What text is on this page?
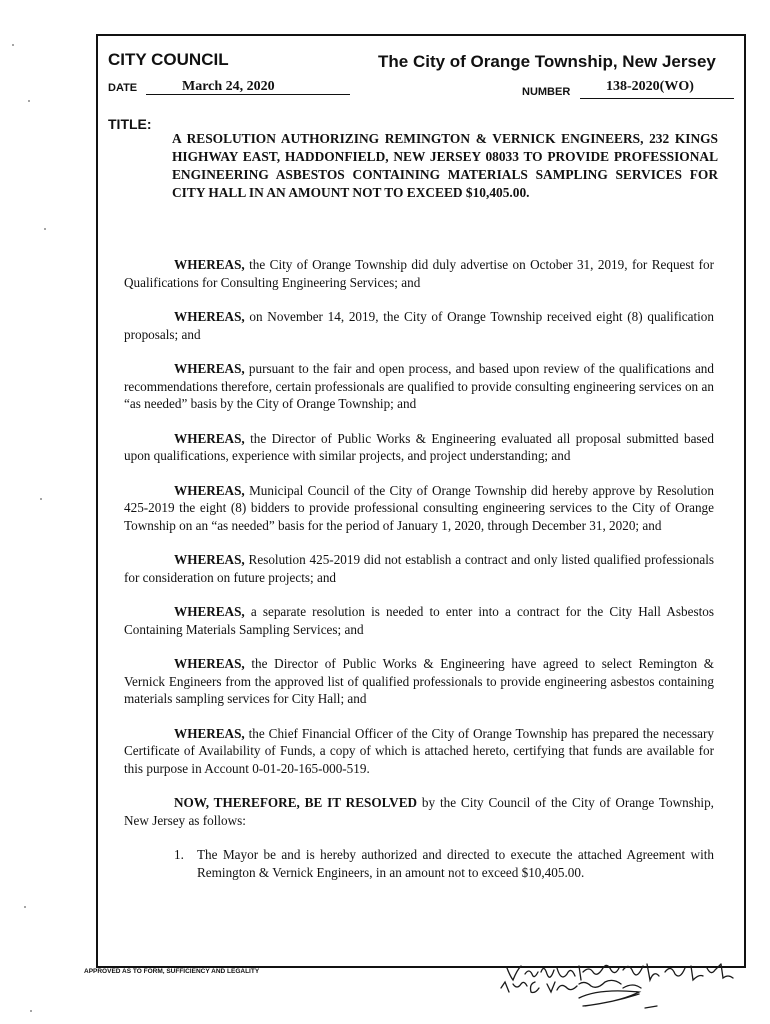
CITY COUNCIL	The City of Orange Township, New Jersey
DATE	March 24, 2020	NUMBER	138-2020(WO)
TITLE:
A RESOLUTION AUTHORIZING REMINGTON & VERNICK ENGINEERS, 232 KINGS HIGHWAY EAST, HADDONFIELD, NEW JERSEY 08033 TO PROVIDE PROFESSIONAL ENGINEERING ASBESTOS CONTAINING MATERIALS SAMPLING SERVICES FOR CITY HALL IN AN AMOUNT NOT TO EXCEED $10,405.00.

WHEREAS, the City of Orange Township did duly advertise on October 31, 2019, for Request for Qualifications for Consulting Engineering Services; and

WHEREAS, on November 14, 2019, the City of Orange Township received eight (8) qualification proposals; and

WHEREAS, pursuant to the fair and open process, and based upon review of the qualifications and recommendations therefore, certain professionals are qualified to provide consulting engineering services on an “as needed” basis by the City of Orange Township; and

WHEREAS, the Director of Public Works & Engineering evaluated all proposal submitted based upon qualifications, experience with similar projects, and project understanding; and

WHEREAS, Municipal Council of the City of Orange Township did hereby approve by Resolution 425-2019 the eight (8) bidders to provide professional consulting engineering services to the City of Orange Township on an “as needed” basis for the period of January 1, 2020, through December 31, 2020; and

WHEREAS, Resolution 425-2019 did not establish a contract and only listed qualified professionals for consideration on future projects; and

WHEREAS, a separate resolution is needed to enter into a contract for the City Hall Asbestos Containing Materials Sampling Services; and

WHEREAS, the Director of Public Works & Engineering have agreed to select Remington & Vernick Engineers from the approved list of qualified professionals to provide engineering asbestos containing materials sampling services for City Hall; and

WHEREAS, the Chief Financial Officer of the City of Orange Township has prepared the necessary Certificate of Availability of Funds, a copy of which is attached hereto, certifying that funds are available for this purpose in Account 0-01-20-165-000-519.

NOW, THEREFORE, BE IT RESOLVED by the City Council of the City of Orange Township, New Jersey as follows:

1. The Mayor be and is hereby authorized and directed to execute the attached Agreement with Remington & Vernick Engineers, in an amount not to exceed $10,405.00.
APPROVED AS TO FORM, SUFFICIENCY AND LEGALITY
